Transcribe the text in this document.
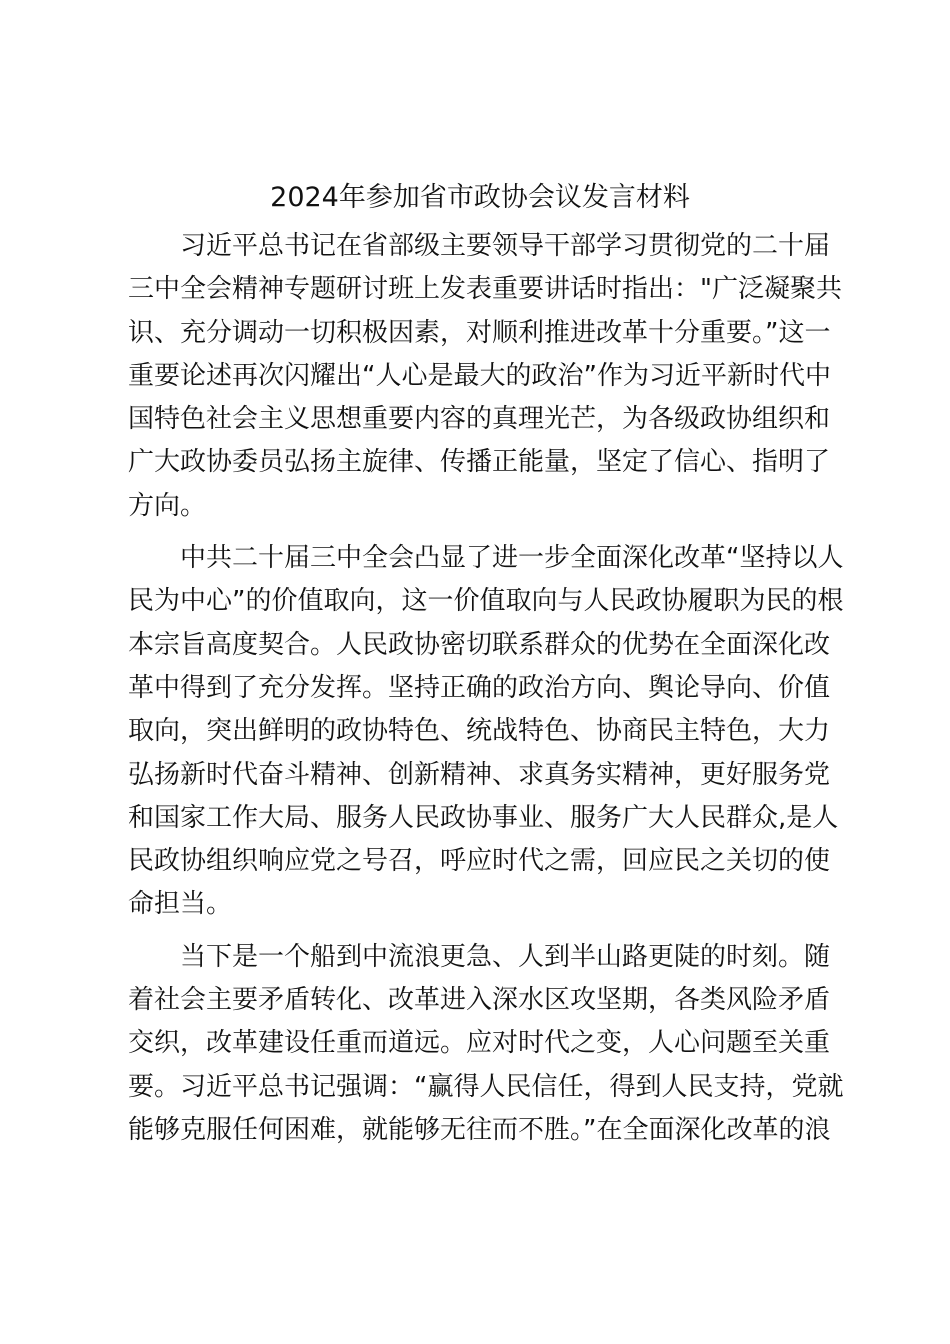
2024年参加省市政协会议发言材料
习近平总书记在省部级主要领导干部学习贯彻党的二十届
三中全会精神专题研讨班上发表重要讲话时指出："广泛凝聚共
识、充分调动一切积极因素，对顺利推进改革十分重要。”这一
重要论述再次闪耀出“人心是最大的政治”作为习近平新时代中
国特色社会主义思想重要内容的真理光芒，为各级政协组织和
广大政协委员弘扬主旋律、传播正能量，坚定了信心、指明了
方向。
中共二十届三中全会凸显了进一步全面深化改革“坚持以人
民为中心”的价值取向，这一价值取向与人民政协履职为民的根
本宗旨高度契合。人民政协密切联系群众的优势在全面深化改
革中得到了充分发挥。坚持正确的政治方向、舆论导向、价值
取向，突出鲜明的政协特色、统战特色、协商民主特色，大力
弘扬新时代奋斗精神、创新精神、求真务实精神，更好服务党
和国家工作大局、服务人民政协事业、服务广大人民群众,是人
民政协组织响应党之号召，呼应时代之需，回应民之关切的使
命担当。
当下是一个船到中流浪更急、人到半山路更陡的时刻。随
着社会主要矛盾转化、改革进入深水区攻坚期，各类风险矛盾
交织，改革建设任重而道远。应对时代之变，人心问题至关重
要。习近平总书记强调：“赢得人民信任，得到人民支持，党就
能够克服任何困难，就能够无往而不胜。”在全面深化改革的浪
